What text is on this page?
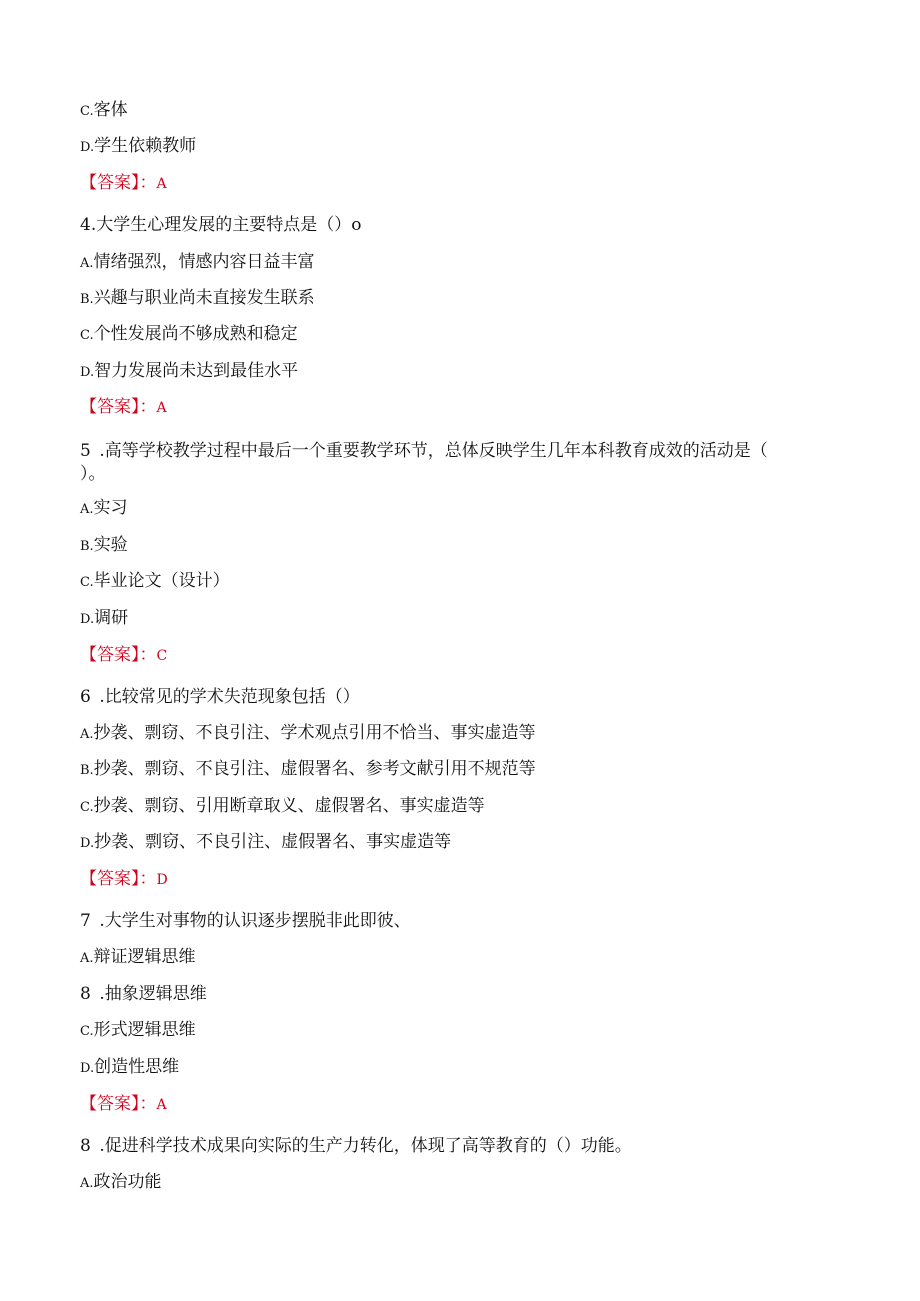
C.客体
D.学生依赖教师
【答案】：A
4.大学生心理发展的主要特点是（）o
A.情绪强烈，情感内容日益丰富
B.兴趣与职业尚未直接发生联系
C.个性发展尚不够成熟和稳定
D.智力发展尚未达到最佳水平
【答案】：A
5 .高等学校教学过程中最后一个重要教学环节，总体反映学生几年本科教育成效的活动是（
）。
A.实习
B.实验
C.毕业论文（设计）
D.调研
【答案】：C
6 .比较常见的学术失范现象包括（）
A.抄袭、剽窃、不良引注、学术观点引用不恰当、事实虚造等
B.抄袭、剽窃、不良引注、虚假署名、参考文献引用不规范等
C.抄袭、剽窃、引用断章取义、虚假署名、事实虚造等
D.抄袭、剽窃、不良引注、虚假署名、事实虚造等
【答案】：D
7 .大学生对事物的认识逐步摆脱非此即彼、
A.辩证逻辑思维
8 .抽象逻辑思维
C.形式逻辑思维
D.创造性思维
【答案】：A
8 .促进科学技术成果向实际的生产力转化，体现了高等教育的（）功能。
A.政治功能
